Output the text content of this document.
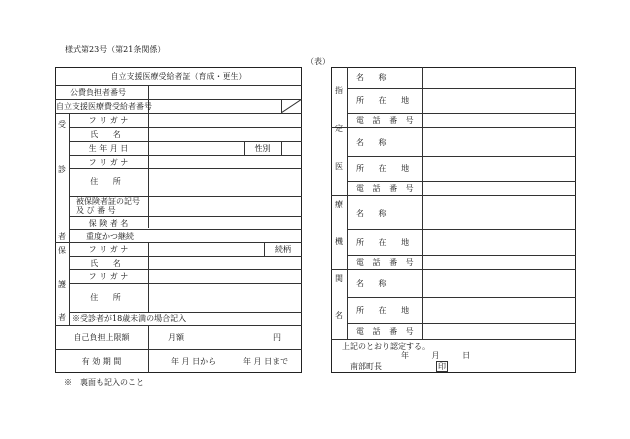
様式第23号（第21条関係）
（表）
自立支援医療受給者証（育成・更生）
公費負担者番号
自立支援医療費受給者番号
受
診
者
フ リ ガ ナ
氏 名
生 年 月 日	性別
フ リ ガ ナ
住 所
被保険者証の記号
及 び 番 号
保 険 者 名
重度かつ継続
保
護
者
フ リ ガ ナ	続柄
氏 名
フ リ ガ ナ
住 所
※受診者が18歳未満の場合記入
自己負担上限額	月額	円
有 効 期 間	年 月 日から	年 月 日まで
※　裏面も記入のこと
指
定
医
療
機
関
名
名 称
所 在 地
電 話 番 号
名 称
所 在 地
電 話 番 号
名 称
所 在 地
電 話 番 号
名 称
所 在 地
電 話 番 号
上記のとおり認定する。
年 月 日
南部町長	印
